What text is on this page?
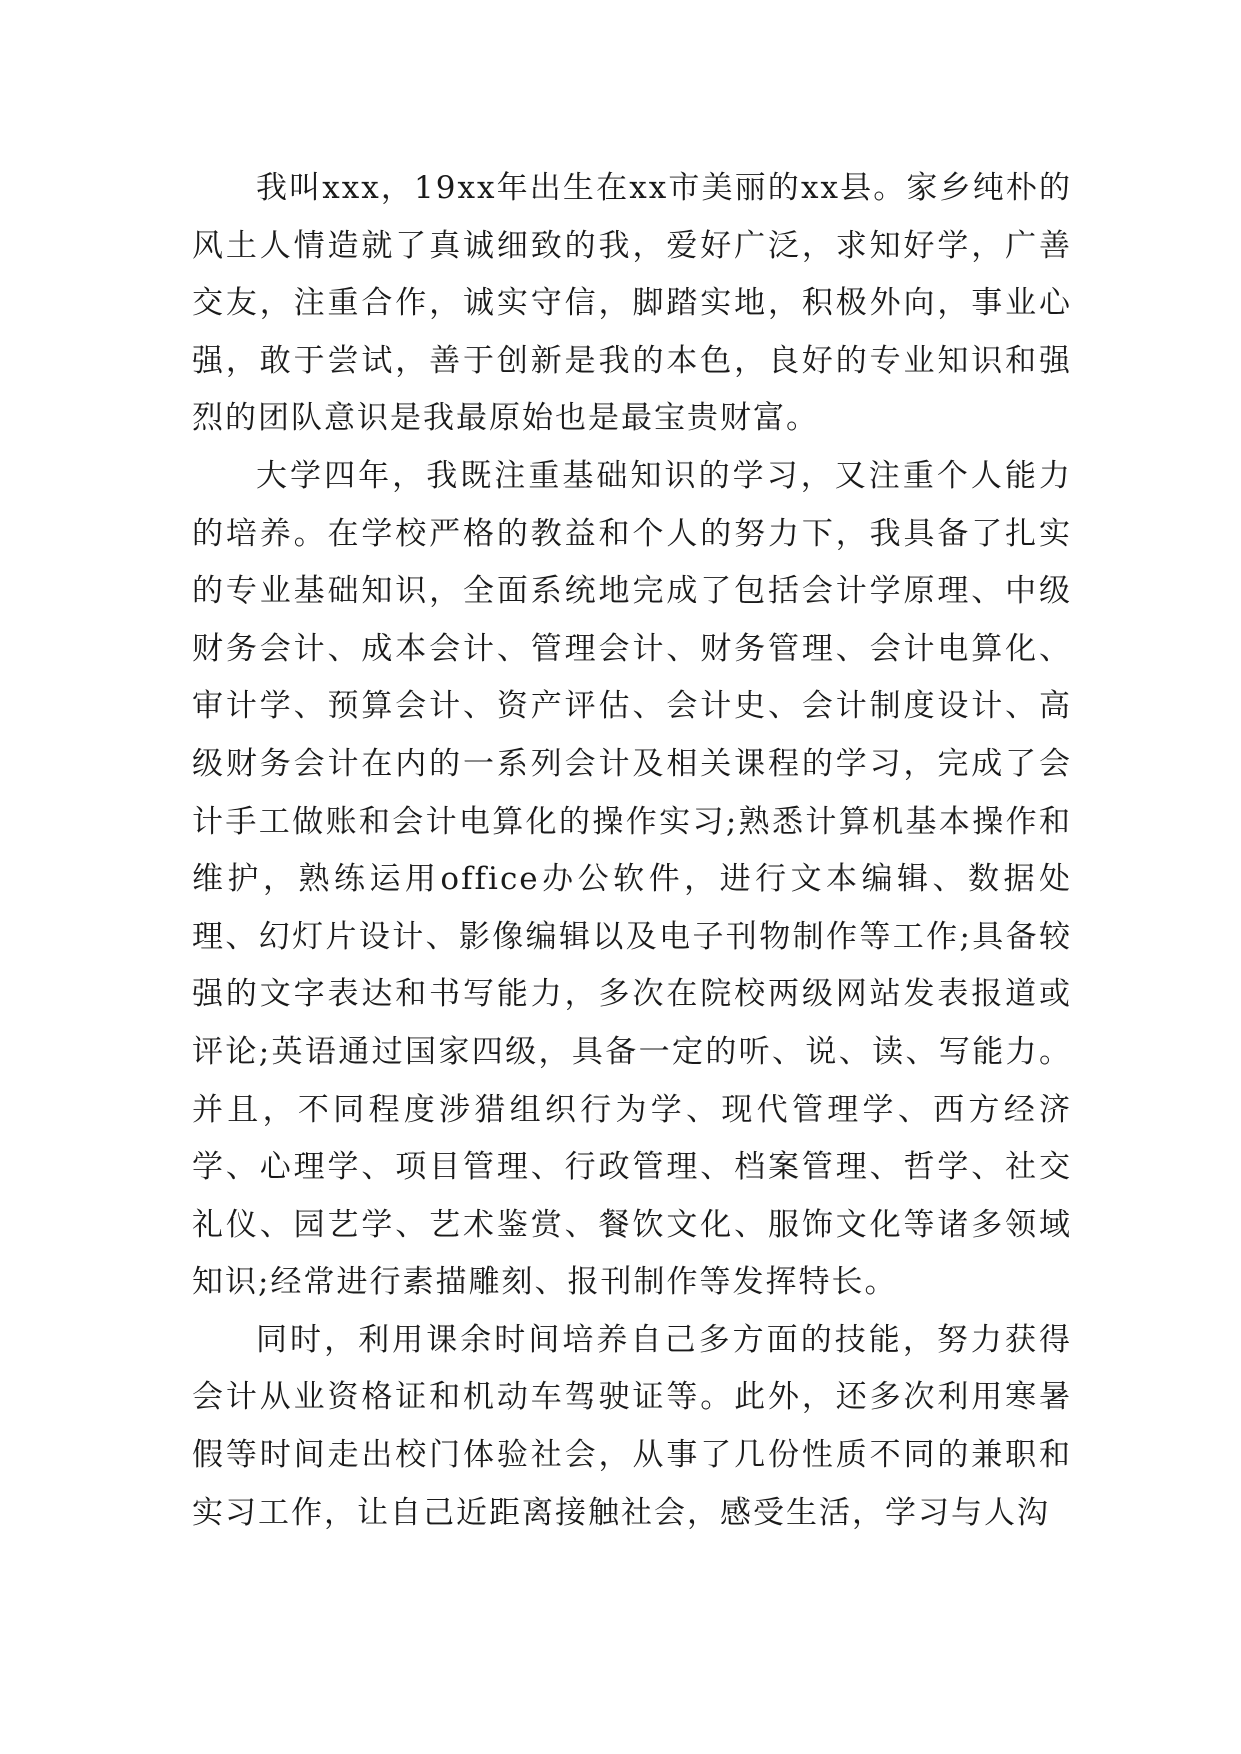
我叫xxx，19xx年出生在xx市美丽的xx县。家乡纯朴的风土人情造就了真诚细致的我，爱好广泛，求知好学，广善交友，注重合作，诚实守信，脚踏实地，积极外向，事业心强，敢于尝试，善于创新是我的本色，良好的专业知识和强烈的团队意识是我最原始也是最宝贵财富。

大学四年，我既注重基础知识的学习，又注重个人能力的培养。在学校严格的教益和个人的努力下，我具备了扎实的专业基础知识，全面系统地完成了包括会计学原理、中级财务会计、成本会计、管理会计、财务管理、会计电算化、审计学、预算会计、资产评估、会计史、会计制度设计、高级财务会计在内的一系列会计及相关课程的学习，完成了会计手工做账和会计电算化的操作实习;熟悉计算机基本操作和维护，熟练运用office办公软件，进行文本编辑、数据处理、幻灯片设计、影像编辑以及电子刊物制作等工作;具备较强的文字表达和书写能力，多次在院校两级网站发表报道或评论;英语通过国家四级，具备一定的听、说、读、写能力。并且，不同程度涉猎组织行为学、现代管理学、西方经济学、心理学、项目管理、行政管理、档案管理、哲学、社交礼仪、园艺学、艺术鉴赏、餐饮文化、服饰文化等诸多领域知识;经常进行素描雕刻、报刊制作等发挥特长。

同时，利用课余时间培养自己多方面的技能，努力获得会计从业资格证和机动车驾驶证等。此外，还多次利用寒暑假等时间走出校门体验社会，从事了几份性质不同的兼职和实习工作，让自己近距离接触社会，感受生活，学习与人沟
